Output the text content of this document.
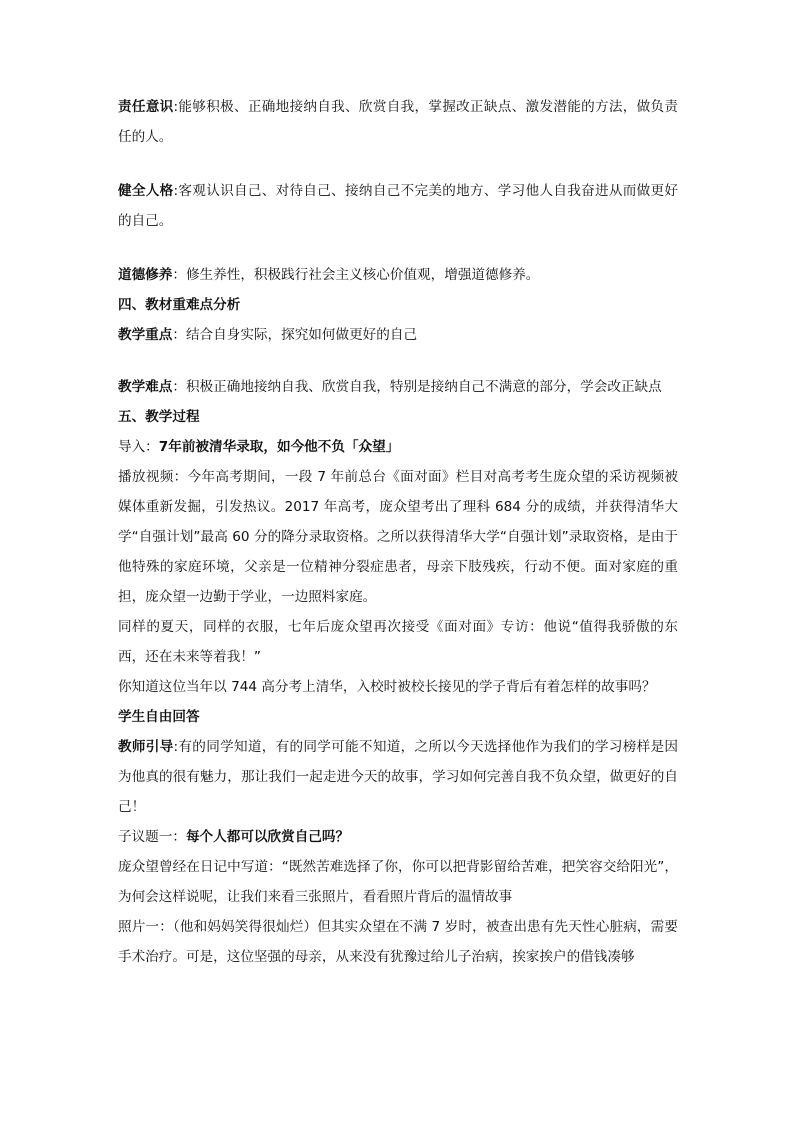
责任意识:能够积极、正确地接纳自我、欣赏自我，掌握改正缺点、激发潜能的方法，做负责任的人。

健全人格:客观认识自己、对待自己、接纳自己不完美的地方、学习他人自我奋进从而做更好的自己。

道德修养：修生养性，积极践行社会主义核心价值观，增强道德修养。

四、教材重难点分析

教学重点：结合自身实际，探究如何做更好的自己

教学难点：积极正确地接纳自我、欣赏自我，特别是接纳自己不满意的部分，学会改正缺点

五、教学过程

导入：7年前被清华录取，如今他不负「众望」

播放视频：今年高考期间，一段 7 年前总台《面对面》栏目对高考考生庞众望的采访视频被媒体重新发掘，引发热议。2017 年高考，庞众望考出了理科 684 分的成绩，并获得清华大学“自强计划”最高 60 分的降分录取资格。之所以获得清华大学“自强计划”录取资格，是由于他特殊的家庭环境，父亲是一位精神分裂症患者，母亲下肢残疾，行动不便。面对家庭的重担，庞众望一边勤于学业，一边照料家庭。

同样的夏天，同样的衣服，七年后庞众望再次接受《面对面》专访：他说“值得我骄傲的东西，还在未来等着我！”

你知道这位当年以 744 高分考上清华，入校时被校长接见的学子背后有着怎样的故事吗？

学生自由回答

教师引导:有的同学知道，有的同学可能不知道，之所以今天选择他作为我们的学习榜样是因为他真的很有魅力，那让我们一起走进今天的故事，学习如何完善自我不负众望，做更好的自己！

子议题一：每个人都可以欣赏自己吗？

庞众望曾经在日记中写道：“既然苦难选择了你，你可以把背影留给苦难，把笑容交给阳光”，为何会这样说呢，让我们来看三张照片，看看照片背后的温情故事

照片一：（他和妈妈笑得很灿烂）但其实众望在不满 7 岁时，被查出患有先天性心脏病，需要手术治疗。可是，这位坚强的母亲，从来没有犹豫过给儿子治病，挨家挨户的借钱凑够
